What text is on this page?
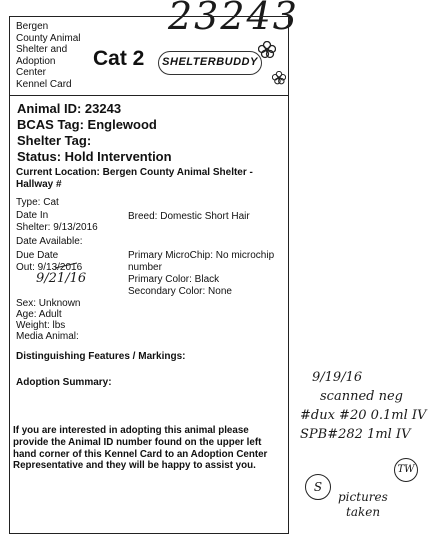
23243
Bergen
County Animal
Shelter and
Adoption
Center
Kennel Card
Cat 2	SHELTERBUDDY
Animal ID: 23243
BCAS Tag: Englewood
Shelter Tag:
Status: Hold Intervention
Current Location: Bergen County Animal Shelter - Hallway #
Type: Cat
Date In
Shelter: 9/13/2016
Breed: Domestic Short Hair
Date Available:
Due Date
Out: 9/13/2016
9/21/16
Primary MicroChip: No microchip
number
Primary Color: Black
Secondary Color: None
Sex: Unknown
Age: Adult
Weight: lbs
Media Animal:
Distinguishing Features / Markings:
Adoption Summary:
If you are interested in adopting this animal please
provide the Animal ID number found on the upper left
hand corner of this Kennel Card to an Adoption Center
Representative and they will be happy to assist you.
9/19/16
scanned neg
#dux #20 0.1ml IV
SPB#282 1ml IV
TW
S
pictures
taken
